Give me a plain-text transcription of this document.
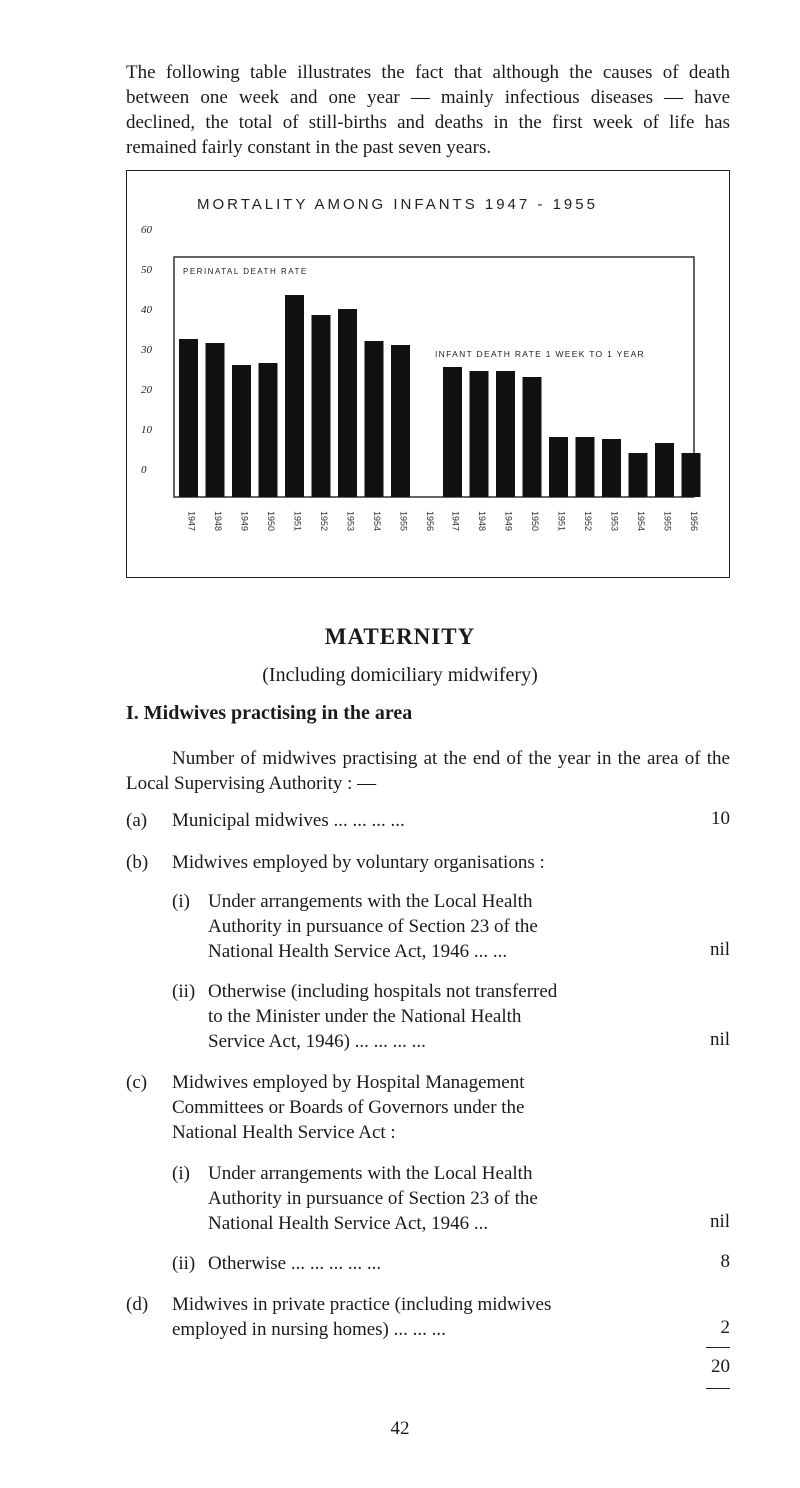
The following table illustrates the fact that although the causes of death between one week and one year — mainly infectious diseases — have declined, the total of still-births and deaths in the first week of life has remained fairly constant in the past seven years.

MORTALITY AMONG INFANTS 1947 - 1955
PERINATAL DEATH RATE
INFANT DEATH RATE 1 WEEK TO 1 YEAR
60
50
40
30
20
10
0
1947 1948 1949 1950 1951 1952 1953 1954 1955 1956 1947 1948 1949 1950 1951 1952 1953 1954 1955 1956
MATERNITY

(Including domiciliary midwifery)

I. Midwives practising in the area

Number of midwives practising at the end of the year in the area of the Local Supervising Authority : —

(a) Municipal midwives ... ... ... ...	10
(b) Midwives employed by voluntary organisations :
(i) Under arrangements with the Local Health
Authority in pursuance of Section 23 of the
National Health Service Act, 1946 ... ...	nil
(ii) Otherwise (including hospitals not transferred
to the Minister under the National Health
Service Act, 1946) ... ... ... ...	nil
(c) Midwives employed by Hospital Management
Committees or Boards of Governors under the
National Health Service Act :
(i) Under arrangements with the Local Health
Authority in pursuance of Section 23 of the
National Health Service Act, 1946 ...	nil
(ii) Otherwise ... ... ... ... ...	8
(d) Midwives in private practice (including midwives
employed in nursing homes) ... ... ...	2
20
42
